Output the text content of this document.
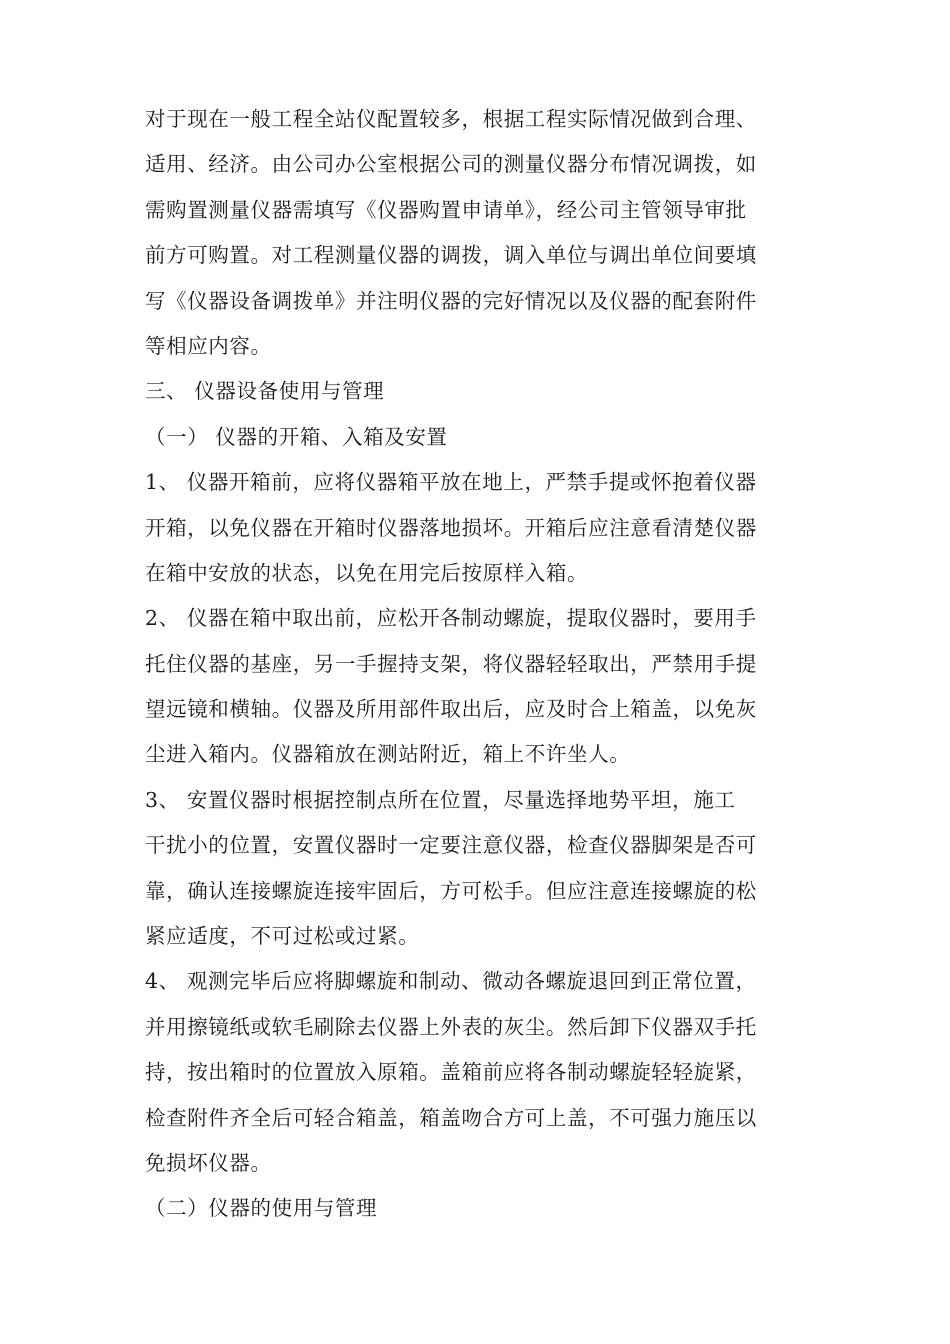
对于现在一般工程全站仪配置较多，根据工程实际情况做到合理、
适用、经济。由公司办公室根据公司的测量仪器分布情况调拨，如
需购置测量仪器需填写《仪器购置申请单》，经公司主管领导审批
前方可购置。对工程测量仪器的调拨，调入单位与调出单位间要填
写《仪器设备调拨单》并注明仪器的完好情况以及仪器的配套附件
等相应内容。
三、 仪器设备使用与管理
（一） 仪器的开箱、入箱及安置
1、 仪器开箱前，应将仪器箱平放在地上，严禁手提或怀抱着仪器
开箱，以免仪器在开箱时仪器落地损坏。开箱后应注意看清楚仪器
在箱中安放的状态，以免在用完后按原样入箱。
2、 仪器在箱中取出前，应松开各制动螺旋，提取仪器时，要用手
托住仪器的基座，另一手握持支架，将仪器轻轻取出，严禁用手提
望远镜和横轴。仪器及所用部件取出后，应及时合上箱盖，以免灰
尘进入箱内。仪器箱放在测站附近，箱上不许坐人。
3、 安置仪器时根据控制点所在位置，尽量选择地势平坦，施工
干扰小的位置，安置仪器时一定要注意仪器，检查仪器脚架是否可
靠，确认连接螺旋连接牢固后，方可松手。但应注意连接螺旋的松
紧应适度，不可过松或过紧。
4、 观测完毕后应将脚螺旋和制动、微动各螺旋退回到正常位置，
并用擦镜纸或软毛刷除去仪器上外表的灰尘。然后卸下仪器双手托
持，按出箱时的位置放入原箱。盖箱前应将各制动螺旋轻轻旋紧，
检查附件齐全后可轻合箱盖，箱盖吻合方可上盖，不可强力施压以
免损坏仪器。
（二）仪器的使用与管理
